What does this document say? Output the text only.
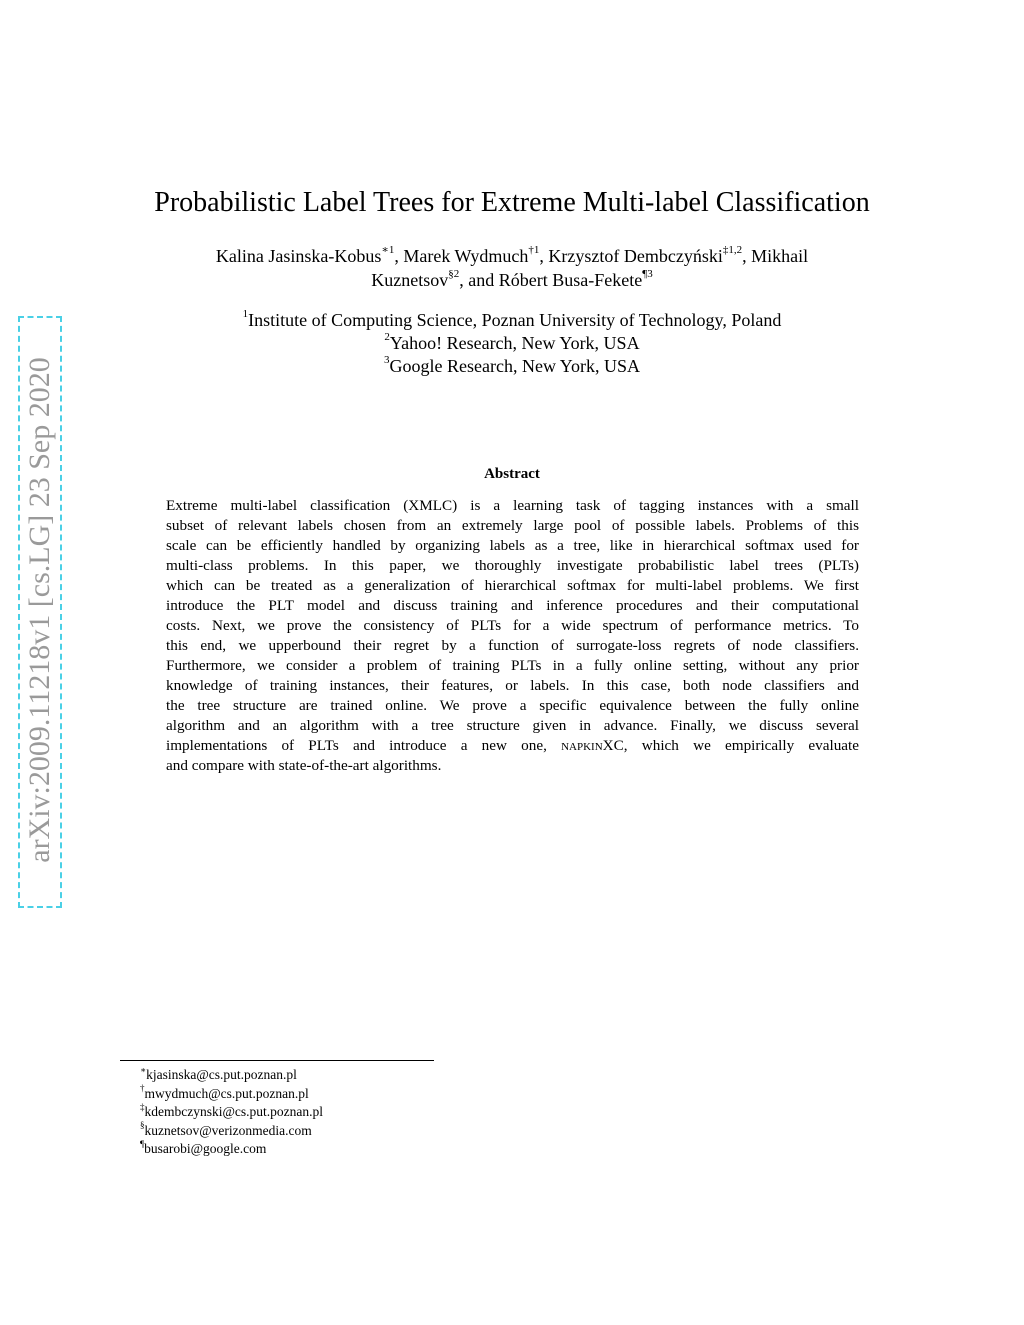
arXiv:2009.11218v1 [cs.LG] 23 Sep 2020
Probabilistic Label Trees for Extreme Multi-label Classification
Kalina Jasinska-Kobus$^{∗1}$, Marek Wydmuch$^{\dagger 1}$, Krzysztof Dembczyński$^{\ddagger 1,2}$, Mikhail
Kuznetsov$^{\S 2}$, and Róbert Busa-Fekete$^{\P 3}$
$^1$Institute of Computing Science, Poznan University of Technology, Poland
$^2$Yahoo! Research, New York, USA
$^3$Google Research, New York, USA
Abstract
Extreme multi-label classification (XMLC) is a learning task of tagging instances with a small
subset of relevant labels chosen from an extremely large pool of possible labels. Problems of this
scale can be efficiently handled by organizing labels as a tree, like in hierarchical softmax used for
multi-class problems. In this paper, we thoroughly investigate probabilistic label trees (PLTs)
which can be treated as a generalization of hierarchical softmax for multi-label problems. We first
introduce the PLT model and discuss training and inference procedures and their computational
costs. Next, we prove the consistency of PLTs for a wide spectrum of performance metrics. To
this end, we upperbound their regret by a function of surrogate-loss regrets of node classifiers.
Furthermore, we consider a problem of training PLTs in a fully online setting, without any prior
knowledge of training instances, their features, or labels. In this case, both node classifiers and
the tree structure are trained online. We prove a specific equivalence between the fully online
algorithm and an algorithm with a tree structure given in advance. Finally, we discuss several
implementations of PLTs and introduce a new one, napkinXC, which we empirically evaluate
and compare with state-of-the-art algorithms.
∗kjasinska@cs.put.poznan.pl
†mwydmuch@cs.put.poznan.pl
‡kdembczynski@cs.put.poznan.pl
§kuznetsov@verizonmedia.com
¶busarobi@google.com
